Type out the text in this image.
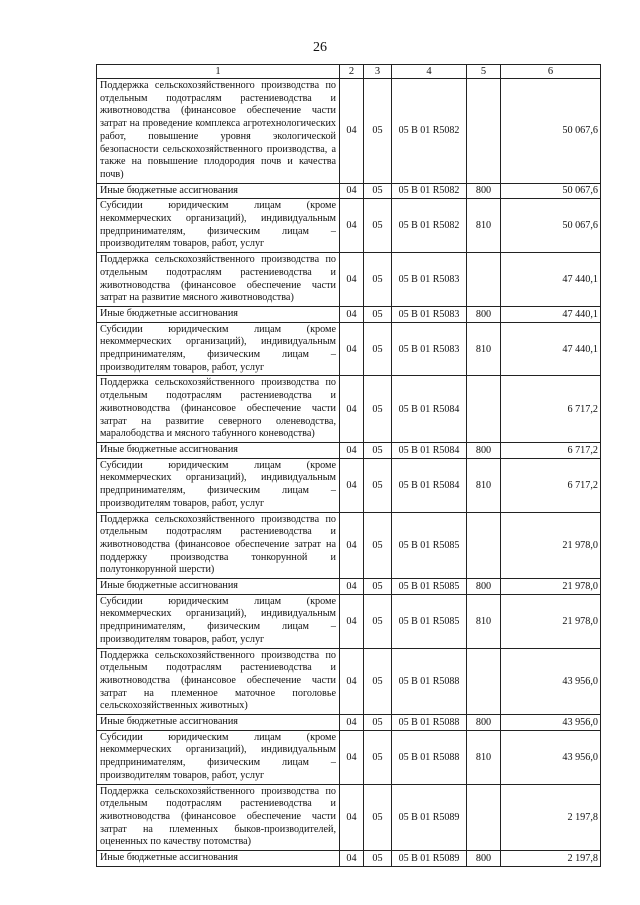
26
1	2	3	4	5	6
Поддержка сельскохозяйственного производства по отдельным подотраслям растениеводства и животноводства (финансовое обеспечение части затрат на проведение комплекса агротехнологических работ, повышение уровня экологической безопасности сельскохозяйственного производства, а также на повышение плодородия почв и качества почв)	04	05	05 В 01 R5082		50 067,6
Иные бюджетные ассигнования	04	05	05 В 01 R5082	800	50 067,6
Субсидии юридическим лицам (кроме некоммерческих организаций), индивидуальным предпринимателям, физическим лицам – производителям товаров, работ, услуг	04	05	05 В 01 R5082	810	50 067,6
Поддержка сельскохозяйственного производства по отдельным подотраслям растениеводства и животноводства (финансовое обеспечение части затрат на развитие мясного животноводства)	04	05	05 В 01 R5083		47 440,1
Иные бюджетные ассигнования	04	05	05 В 01 R5083	800	47 440,1
Субсидии юридическим лицам (кроме некоммерческих организаций), индивидуальным предпринимателям, физическим лицам – производителям товаров, работ, услуг	04	05	05 В 01 R5083	810	47 440,1
Поддержка сельскохозяйственного производства по отдельным подотраслям растениеводства и животноводства (финансовое обеспечение части затрат на развитие северного оленеводства, маралободства и мясного табунного коневодства)	04	05	05 В 01 R5084		6 717,2
Иные бюджетные ассигнования	04	05	05 В 01 R5084	800	6 717,2
Субсидии юридическим лицам (кроме некоммерческих организаций), индивидуальным предпринимателям, физическим лицам – производителям товаров, работ, услуг	04	05	05 В 01 R5084	810	6 717,2
Поддержка сельскохозяйственного производства по отдельным подотраслям растениеводства и животноводства (финансовое обеспечение затрат на поддержку производства тонкорунной и полутонкорунной шерсти)	04	05	05 В 01 R5085		21 978,0
Иные бюджетные ассигнования	04	05	05 В 01 R5085	800	21 978,0
Субсидии юридическим лицам (кроме некоммерческих организаций), индивидуальным предпринимателям, физическим лицам – производителям товаров, работ, услуг	04	05	05 В 01 R5085	810	21 978,0
Поддержка сельскохозяйственного производства по отдельным подотраслям растениеводства и животноводства (финансовое обеспечение части затрат на племенное маточное поголовье сельскохозяйственных животных)	04	05	05 В 01 R5088		43 956,0
Иные бюджетные ассигнования	04	05	05 В 01 R5088	800	43 956,0
Субсидии юридическим лицам (кроме некоммерческих организаций), индивидуальным предпринимателям, физическим лицам – производителям товаров, работ, услуг	04	05	05 В 01 R5088	810	43 956,0
Поддержка сельскохозяйственного производства по отдельным подотраслям растениеводства и животноводства (финансовое обеспечение части затрат на племенных быков-производителей, оцененных по качеству потомства)	04	05	05 В 01 R5089		2 197,8
Иные бюджетные ассигнования	04	05	05 В 01 R5089	800	2 197,8
